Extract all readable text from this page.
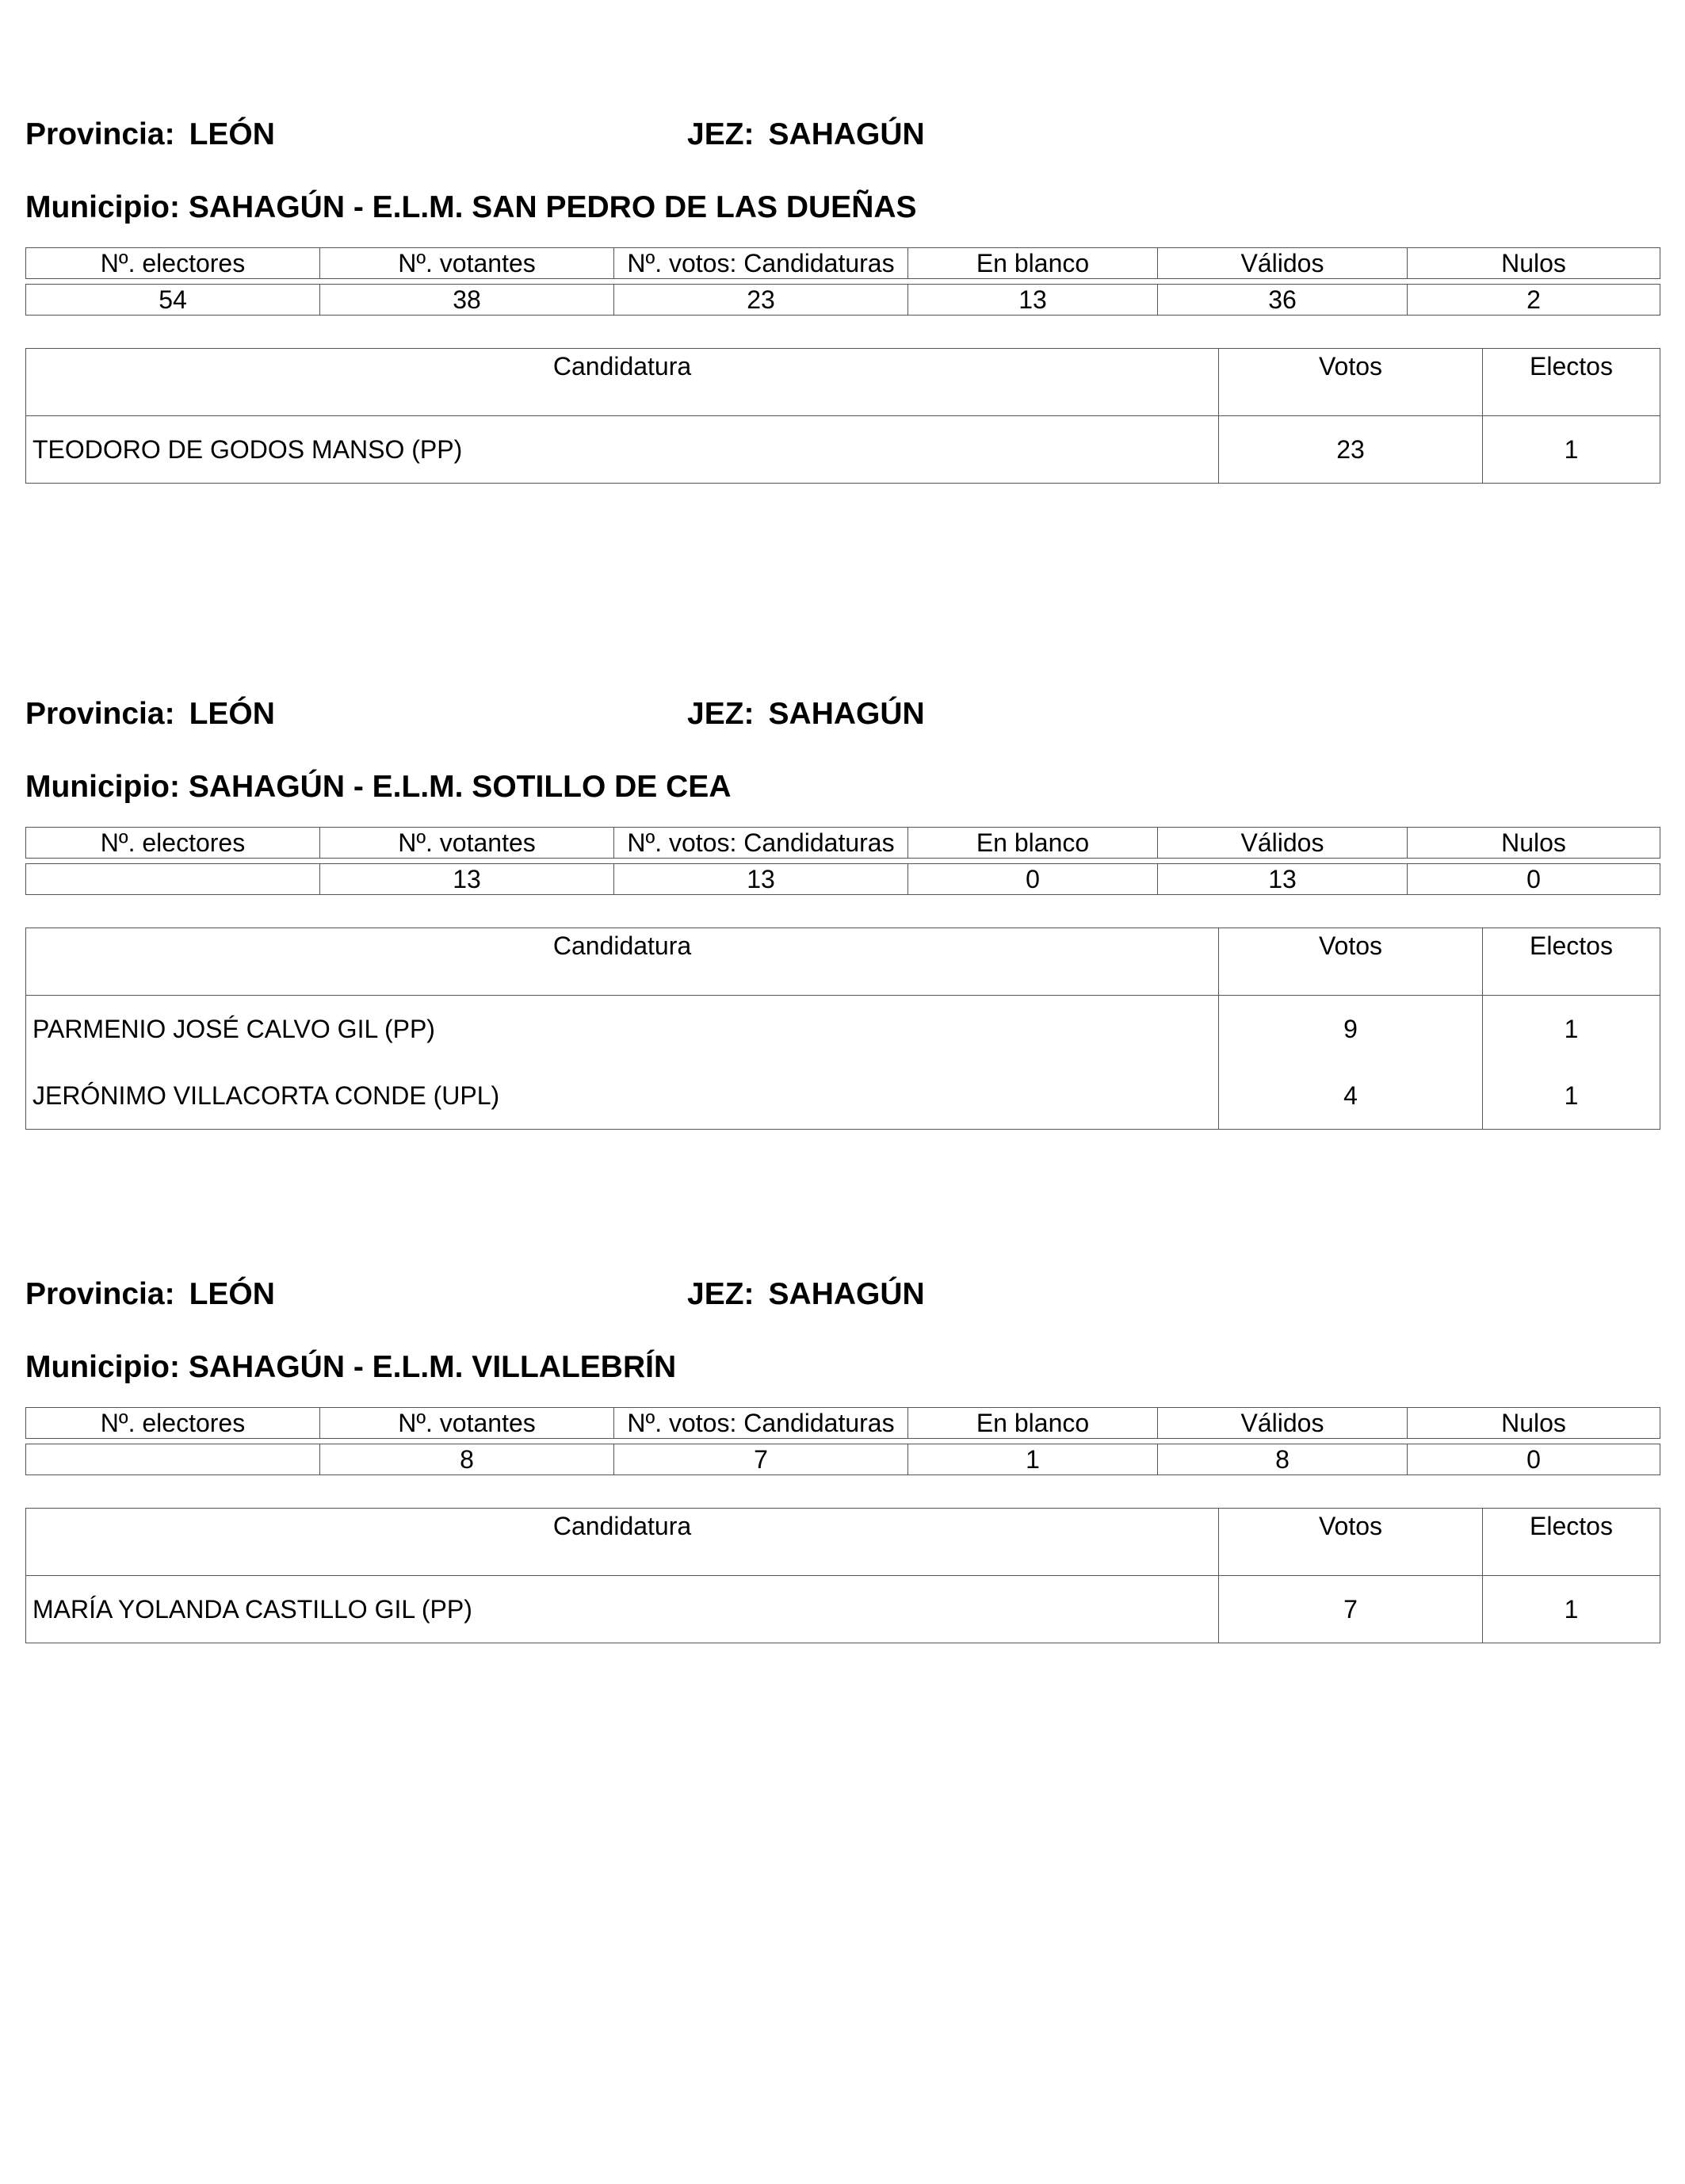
Provincia: LEÓN	JEZ: SAHAGÚN
Municipio: SAHAGÚN - E.L.M. SAN PEDRO DE LAS DUEÑAS
Nº. electores	Nº. votantes	Nº. votos: Candidaturas	En blanco	Válidos	Nulos

54	38	23	13	36	2
Candidatura	Votos	Electos
TEODORO DE GODOS MANSO (PP)	23	1
Provincia: LEÓN	JEZ: SAHAGÚN
Municipio: SAHAGÚN - E.L.M. SOTILLO DE CEA
Nº. electores	Nº. votantes	Nº. votos: Candidaturas	En blanco	Válidos	Nulos

	13	13	0	13	0
Candidatura	Votos	Electos
PARMENIO JOSÉ CALVO GIL (PP)	9	1
JERÓNIMO VILLACORTA CONDE (UPL)	4	1
Provincia: LEÓN	JEZ: SAHAGÚN
Municipio: SAHAGÚN - E.L.M. VILLALEBRÍN
Nº. electores	Nº. votantes	Nº. votos: Candidaturas	En blanco	Válidos	Nulos

	8	7	1	8	0
Candidatura	Votos	Electos
MARÍA YOLANDA CASTILLO GIL (PP)	7	1
